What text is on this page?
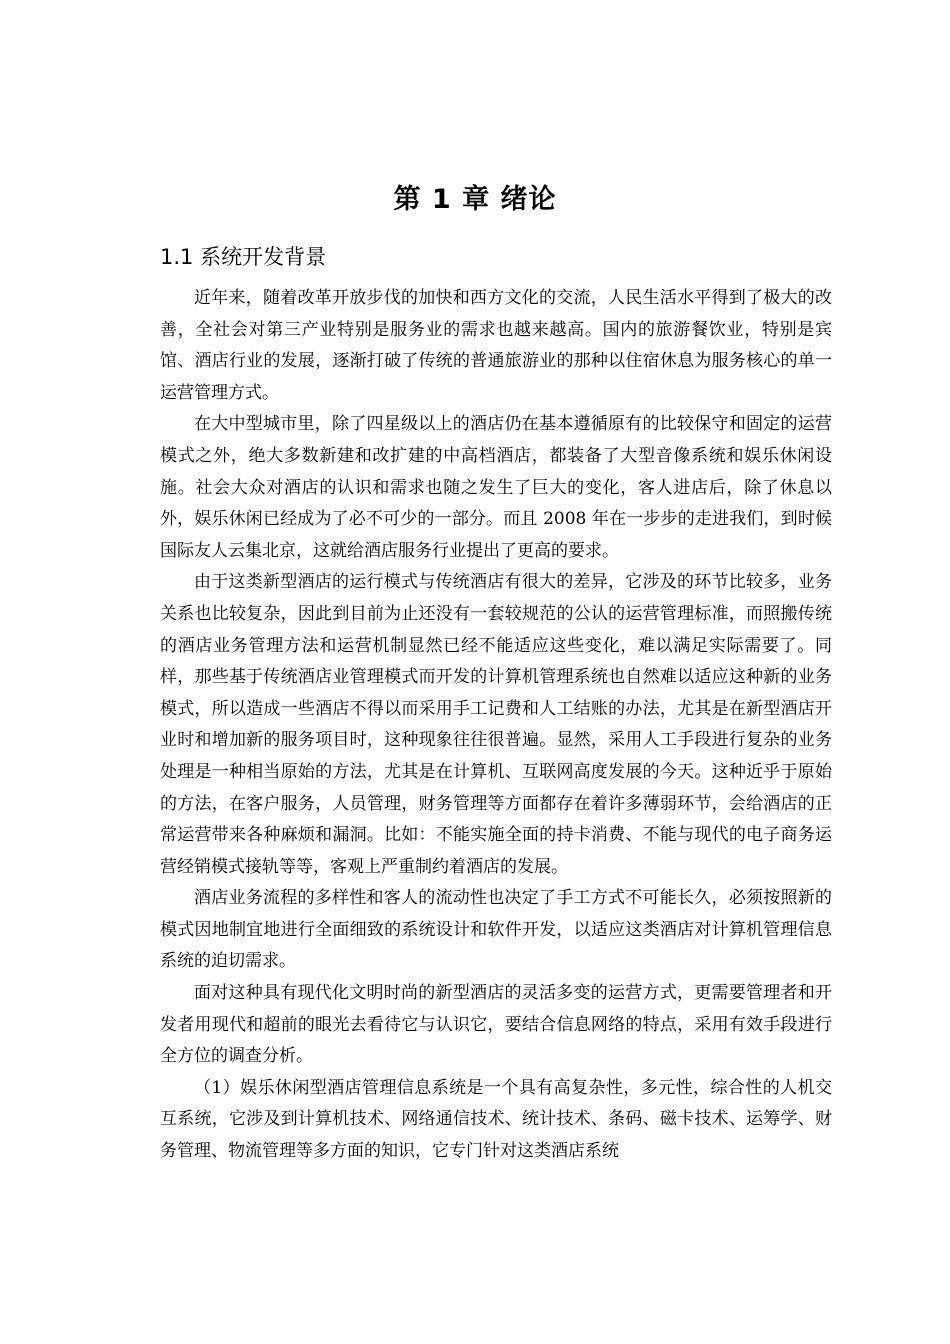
第 1 章 绪论
1.1 系统开发背景

近年来，随着改革开放步伐的加快和西方文化的交流，人民生活水平得到了极大的改善，全社会对第三产业特别是服务业的需求也越来越高。国内的旅游餐饮业，特别是宾馆、酒店行业的发展，逐渐打破了传统的普通旅游业的那种以住宿休息为服务核心的单一运营管理方式。

在大中型城市里，除了四星级以上的酒店仍在基本遵循原有的比较保守和固定的运营模式之外，绝大多数新建和改扩建的中高档酒店，都装备了大型音像系统和娱乐休闲设施。社会大众对酒店的认识和需求也随之发生了巨大的变化，客人进店后，除了休息以外，娱乐休闲已经成为了必不可少的一部分。而且 2008 年在一步步的走进我们，到时候国际友人云集北京，这就给酒店服务行业提出了更高的要求。

由于这类新型酒店的运行模式与传统酒店有很大的差异，它涉及的环节比较多，业务关系也比较复杂，因此到目前为止还没有一套较规范的公认的运营管理标准，而照搬传统的酒店业务管理方法和运营机制显然已经不能适应这些变化，难以满足实际需要了。同样，那些基于传统酒店业管理模式而开发的计算机管理系统也自然难以适应这种新的业务模式，所以造成一些酒店不得以而采用手工记费和人工结账的办法，尤其是在新型酒店开业时和增加新的服务项目时，这种现象往往很普遍。显然，采用人工手段进行复杂的业务处理是一种相当原始的方法，尤其是在计算机、互联网高度发展的今天。这种近乎于原始的方法，在客户服务，人员管理，财务管理等方面都存在着许多薄弱环节，会给酒店的正常运营带来各种麻烦和漏洞。比如：不能实施全面的持卡消费、不能与现代的电子商务运营经销模式接轨等等，客观上严重制约着酒店的发展。

酒店业务流程的多样性和客人的流动性也决定了手工方式不可能长久，必须按照新的模式因地制宜地进行全面细致的系统设计和软件开发，以适应这类酒店对计算机管理信息系统的迫切需求。

面对这种具有现代化文明时尚的新型酒店的灵活多变的运营方式，更需要管理者和开发者用现代和超前的眼光去看待它与认识它，要结合信息网络的特点，采用有效手段进行全方位的调查分析。

（1）娱乐休闲型酒店管理信息系统是一个具有高复杂性，多元性，综合性的人机交互系统，它涉及到计算机技术、网络通信技术、统计技术、条码、磁卡技术、运筹学、财务管理、物流管理等多方面的知识，它专门针对这类酒店系统
